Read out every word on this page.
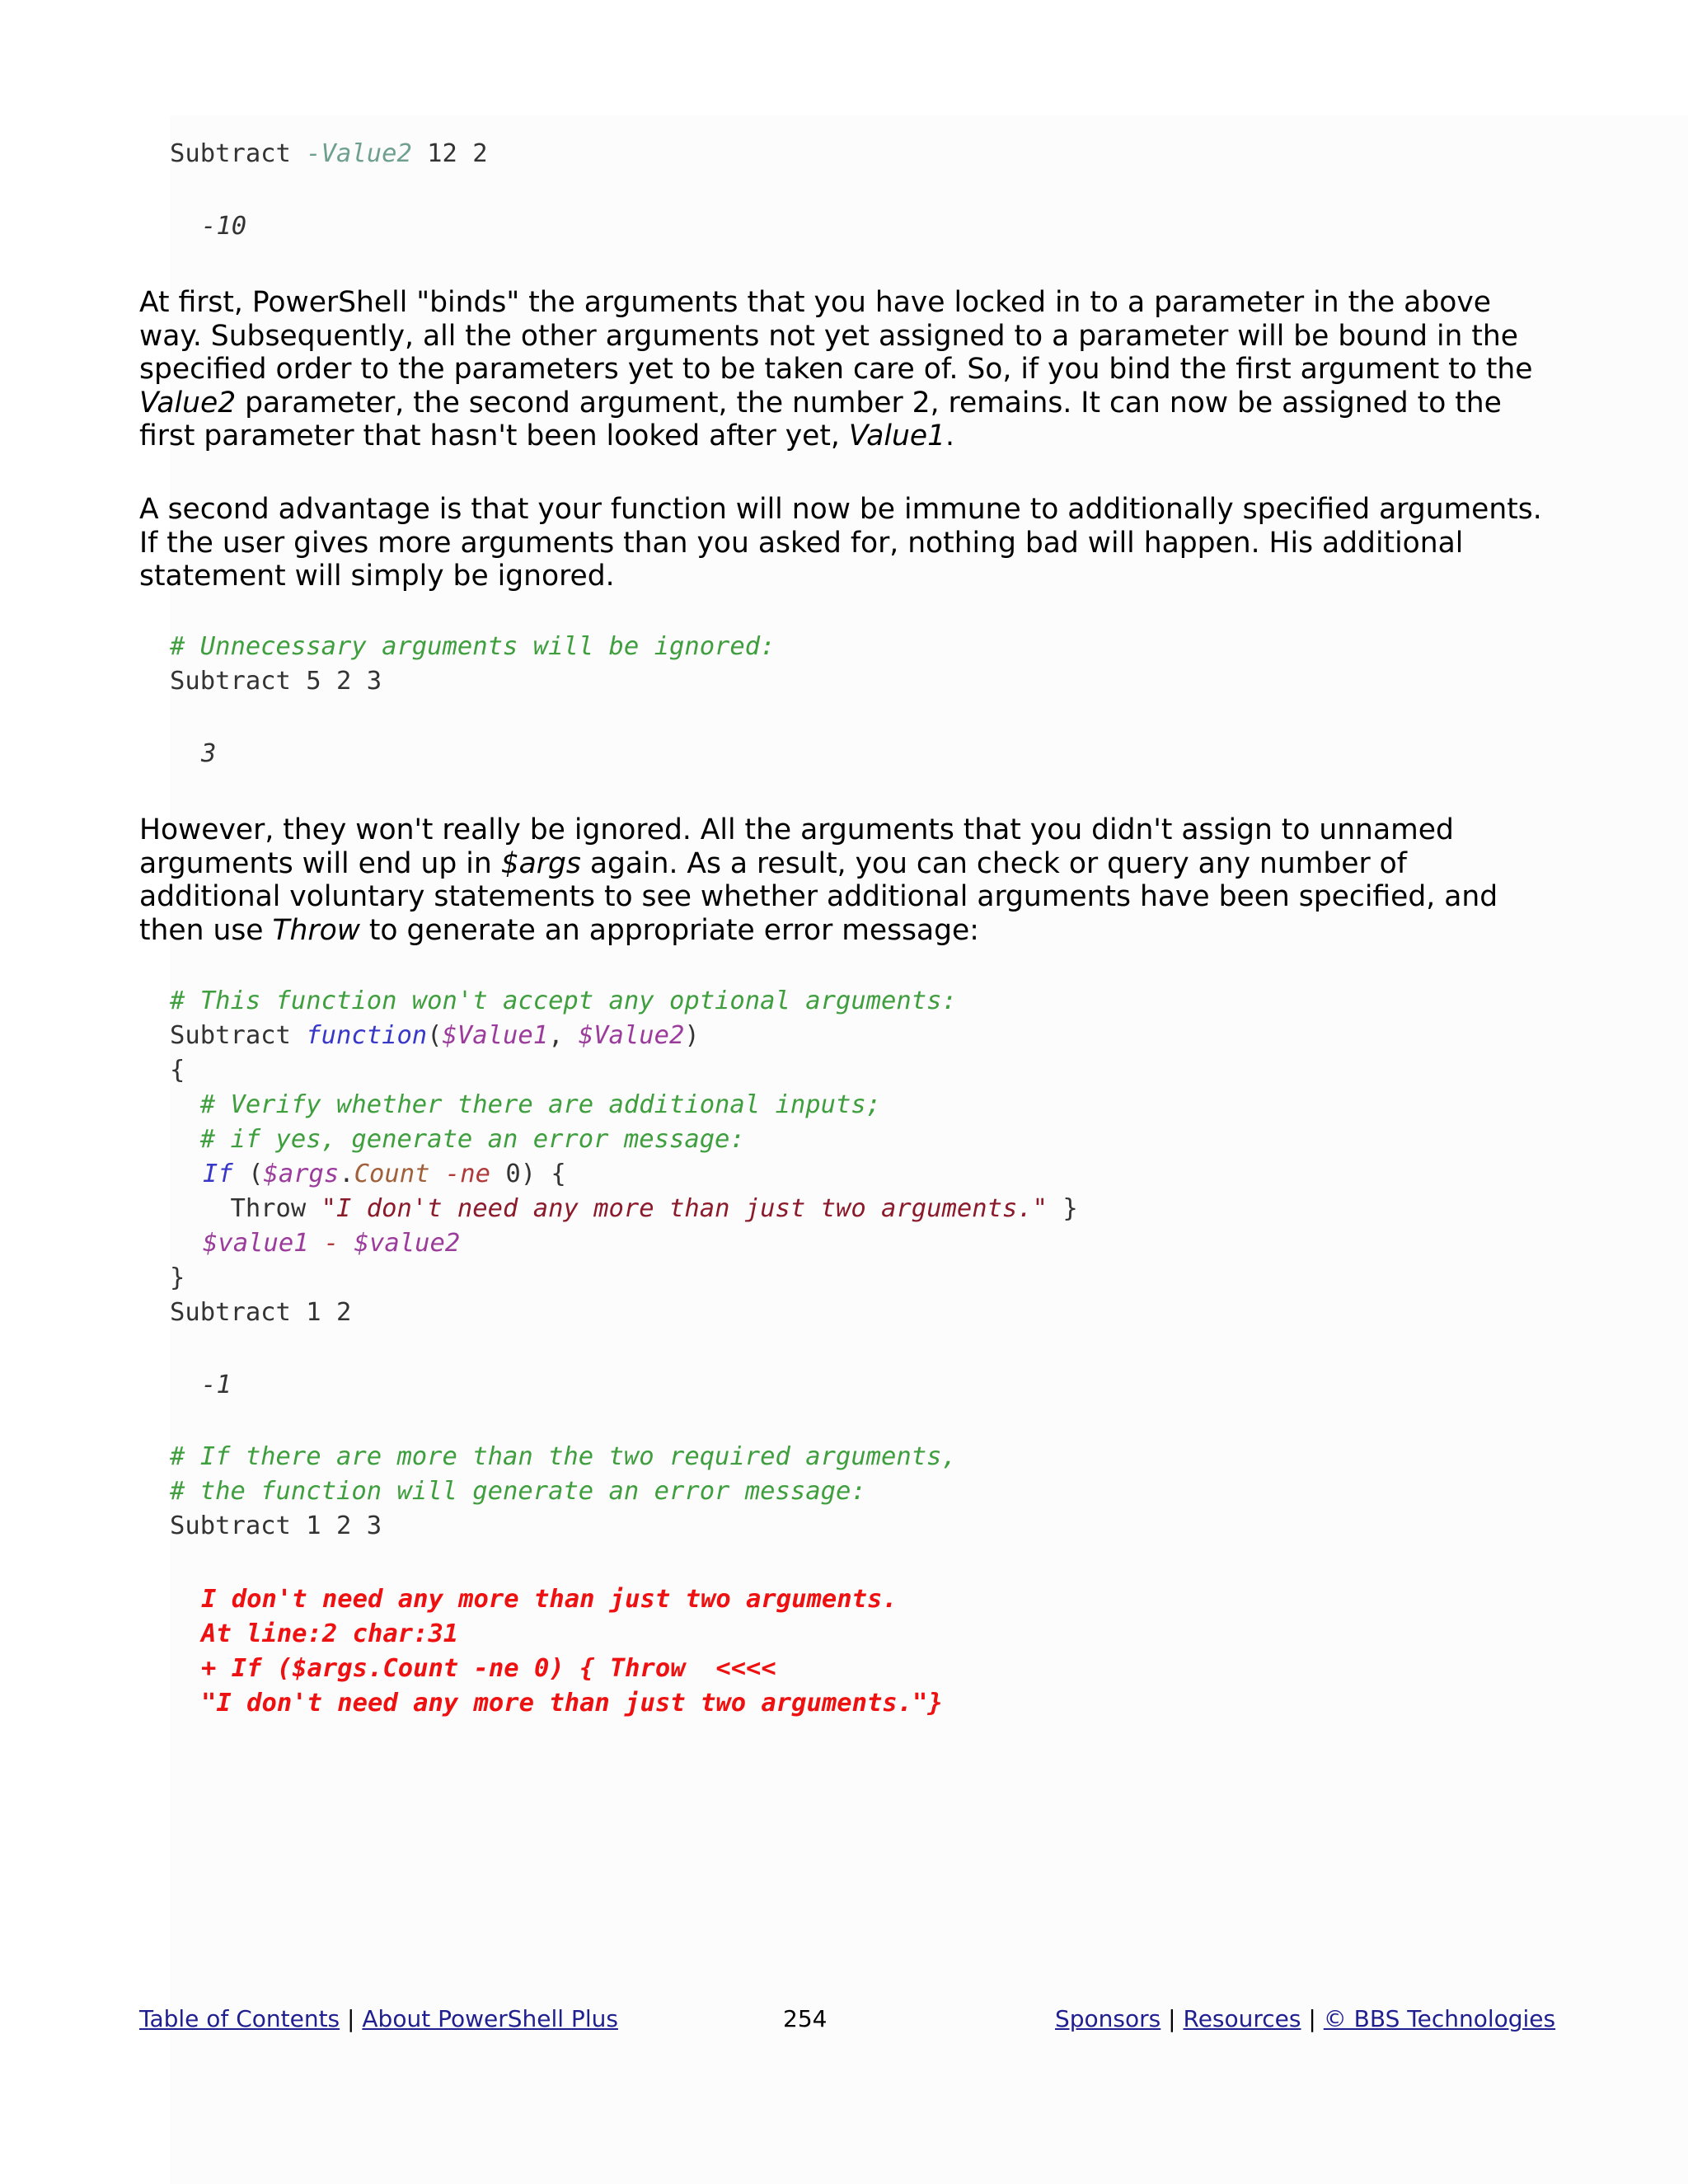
Subtract -Value2 12 2
-10
At first, PowerShell "binds" the arguments that you have locked in to a parameter in the above way. Subsequently, all the other arguments not yet assigned to a parameter will be bound in the specified order to the parameters yet to be taken care of. So, if you bind the first argument to the Value2 parameter, the second argument, the number 2, remains. It can now be assigned to the first parameter that hasn't been looked after yet, Value1.
A second advantage is that your function will now be immune to additionally specified arguments. If the user gives more arguments than you asked for, nothing bad will happen. His additional statement will simply be ignored.
# Unnecessary arguments will be ignored:
Subtract 5 2 3
3
However, they won't really be ignored. All the arguments that you didn't assign to unnamed arguments will end up in $args again. As a result, you can check or query any number of additional voluntary statements to see whether additional arguments have been specified, and then use Throw to generate an appropriate error message:
# This function won't accept any optional arguments:
Subtract function($Value1, $Value2)
{
# Verify whether there are additional inputs;
# if yes, generate an error message:
If ($args.Count -ne 0) {
Throw "I don't need any more than just two arguments." }
$value1 - $value2
}
Subtract 1 2
-1
# If there are more than the two required arguments,
# the function will generate an error message:
Subtract 1 2 3
I don't need any more than just two arguments.
At line:2 char:31
+ If ($args.Count -ne 0) { Throw  <<<<
"I don't need any more than just two arguments."}
Table of Contents | About PowerShell Plus	254	Sponsors | Resources | © BBS Technologies
